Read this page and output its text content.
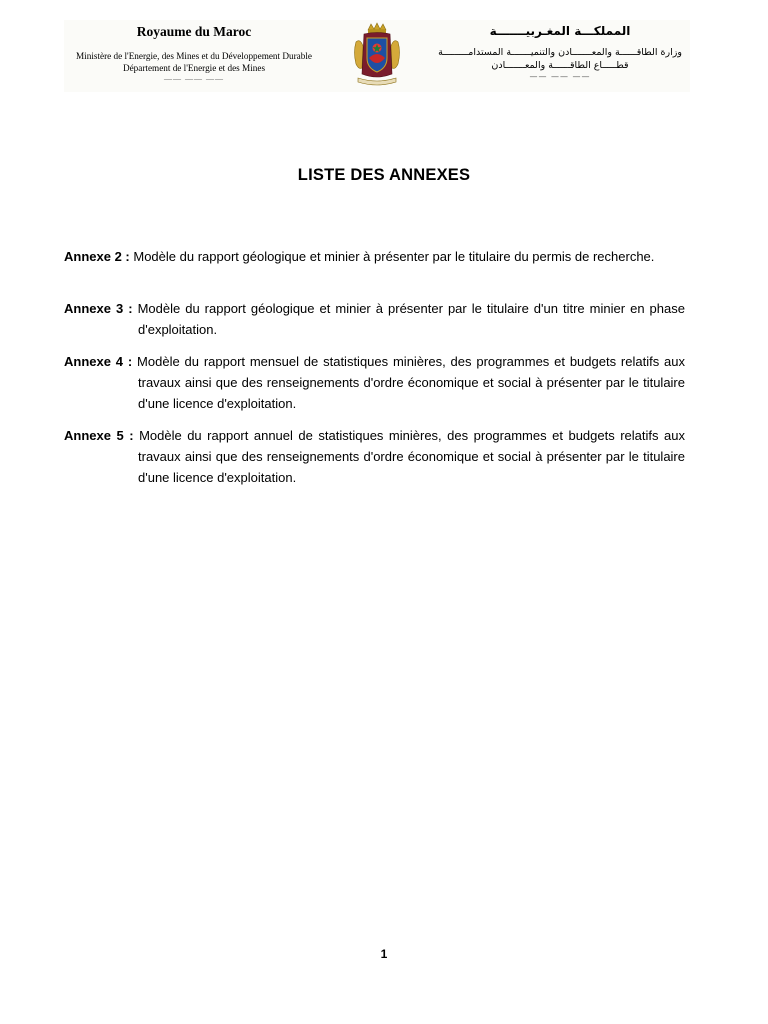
Royaume du Maroc
Ministère de l'Energie, des Mines et du Développement Durable
Département de l'Energie et des Mines
—— —— ——
المملكـــة المغـربيـــــــة
وزارة الطاقــــــة والمعـــــــادن والتنميـــــــة المستدامـــــــــة
قطـــــاع الطاقــــــة والمعـــــــادن
—— —— ——
LISTE DES ANNEXES
Annexe 2 : Modèle du rapport géologique et minier à présenter par le titulaire du permis de recherche.
Annexe 3 : Modèle du rapport géologique et minier à présenter par le titulaire d'un titre minier en phase d'exploitation.
Annexe 4 : Modèle du rapport mensuel de statistiques minières, des programmes et budgets relatifs aux travaux ainsi que des renseignements d'ordre économique et social à présenter par le titulaire d'une licence d'exploitation.
Annexe 5 : Modèle du rapport annuel de statistiques minières, des programmes et budgets relatifs aux travaux ainsi que des renseignements d'ordre économique et social à présenter par le titulaire d'une licence d'exploitation.
1
